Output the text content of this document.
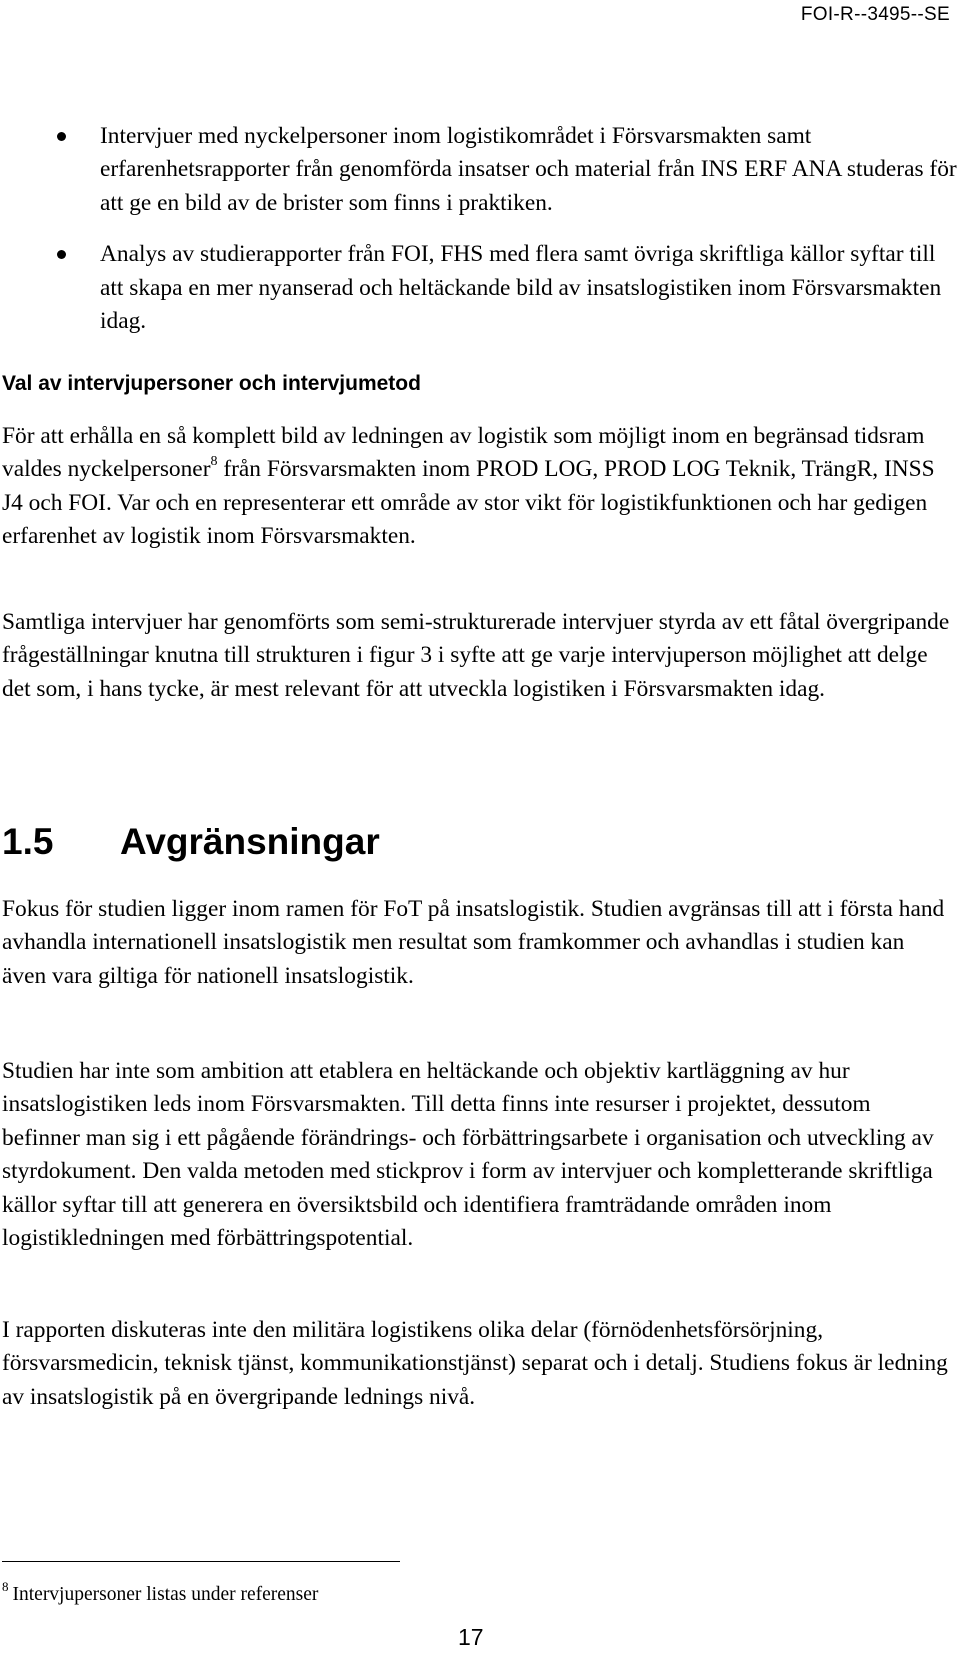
FOI-R--3495--SE
Intervjuer med nyckelpersoner inom logistikområdet i Försvarsmakten samt erfarenhetsrapporter från genomförda insatser och material från INS ERF ANA studeras för att ge en bild av de brister som finns i praktiken.
Analys av studierapporter från FOI, FHS med flera samt övriga skriftliga källor syftar till att skapa en mer nyanserad och heltäckande bild av insatslogistiken inom Försvarsmakten idag.
Val av intervjupersoner och intervjumetod

För att erhålla en så komplett bild av ledningen av logistik som möjligt inom en begränsad tidsram valdes nyckelpersoner$^8$ från Försvarsmakten inom PROD LOG, PROD LOG Teknik, TrängR, INSS J4 och FOI. Var och en representerar ett område av stor vikt för logistikfunktionen och har gedigen erfarenhet av logistik inom Försvarsmakten.

Samtliga intervjuer har genomförts som semi-strukturerade intervjuer styrda av ett fåtal övergripande frågeställningar knutna till strukturen i figur 3 i syfte att ge varje intervjuperson möjlighet att delge det som, i hans tycke, är mest relevant för att utveckla logistiken i Försvarsmakten idag.

1.5 Avgränsningar

Fokus för studien ligger inom ramen för FoT på insatslogistik. Studien avgränsas till att i första hand avhandla internationell insatslogistik men resultat som framkommer och avhandlas i studien kan även vara giltiga för nationell insatslogistik.

Studien har inte som ambition att etablera en heltäckande och objektiv kartläggning av hur insatslogistiken leds inom Försvarsmakten. Till detta finns inte resurser i projektet, dessutom befinner man sig i ett pågående förändrings- och förbättringsarbete i organisation och utveckling av styrdokument. Den valda metoden med stickprov i form av intervjuer och kompletterande skriftliga källor syftar till att generera en översiktsbild och identifiera framträdande områden inom logistikledningen med förbättringspotential.

I rapporten diskuteras inte den militära logistikens olika delar (förnödenhetsförsörjning, försvarsmedicin, teknisk tjänst, kommunikationstjänst) separat och i detalj. Studiens fokus är ledning av insatslogistik på en övergripande lednings nivå.

$^8$ Intervjupersoner listas under referenser
17
